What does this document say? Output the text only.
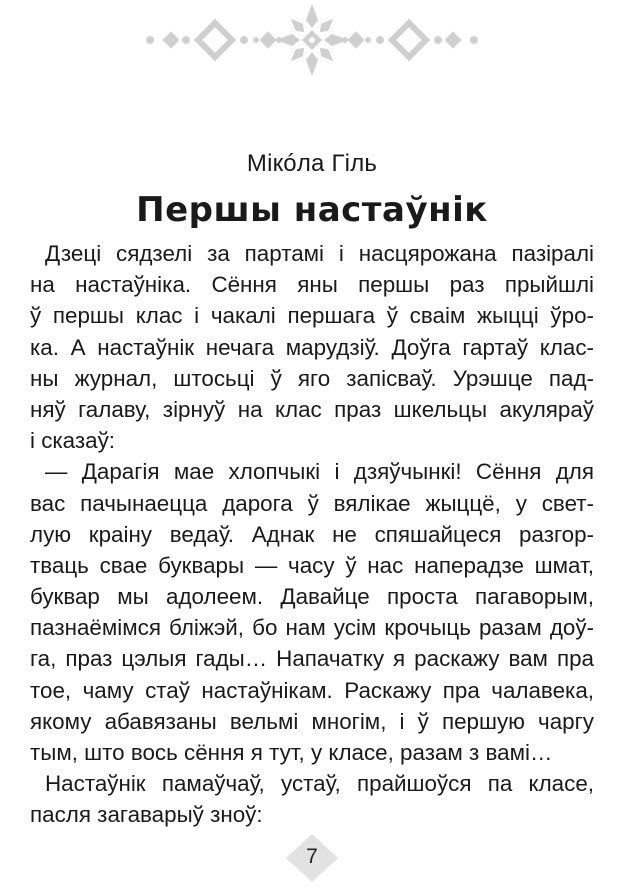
Мікóла Гіль
Першы настаўнік
Дзеці сядзелі за партамі і насцярожана пазіралі
на настаўніка. Сёння яны першы раз прыйшлі
ў першы клас і чакалі першага ў сваім жыцці ўро-
ка. А настаўнік нечага марудзіў. Доўга гартаў клас-
ны журнал, штосьці ў яго запісваў. Урэшце пад-
няў галаву, зірнуў на клас праз шкельцы акуляраў
і сказаў:
— Дарагія мае хлопчыкі і дзяўчынкі! Сёння для
вас пачынаецца дарога ў вялікае жыццё, у свет-
лую краіну ведаў. Аднак не спяшайцеся разгор-
тваць свае буквары — часу ў нас наперадзе шмат,
буквар мы адолеем. Давайце проста пагаворым,
пазнаёмімся бліжэй, бо нам усім крочыць разам доў-
га, праз цэлыя гады… Напачатку я раскажу вам пра
тое, чаму стаў настаўнікам. Раскажу пра чалавека,
якому абавязаны вельмі многім, і ў першую чаргу
тым, што вось сёння я тут, у класе, разам з вамі…
Настаўнік памаўчаў, устаў, прайшоўся па класе,
пасля загаварыў зноў:
7
